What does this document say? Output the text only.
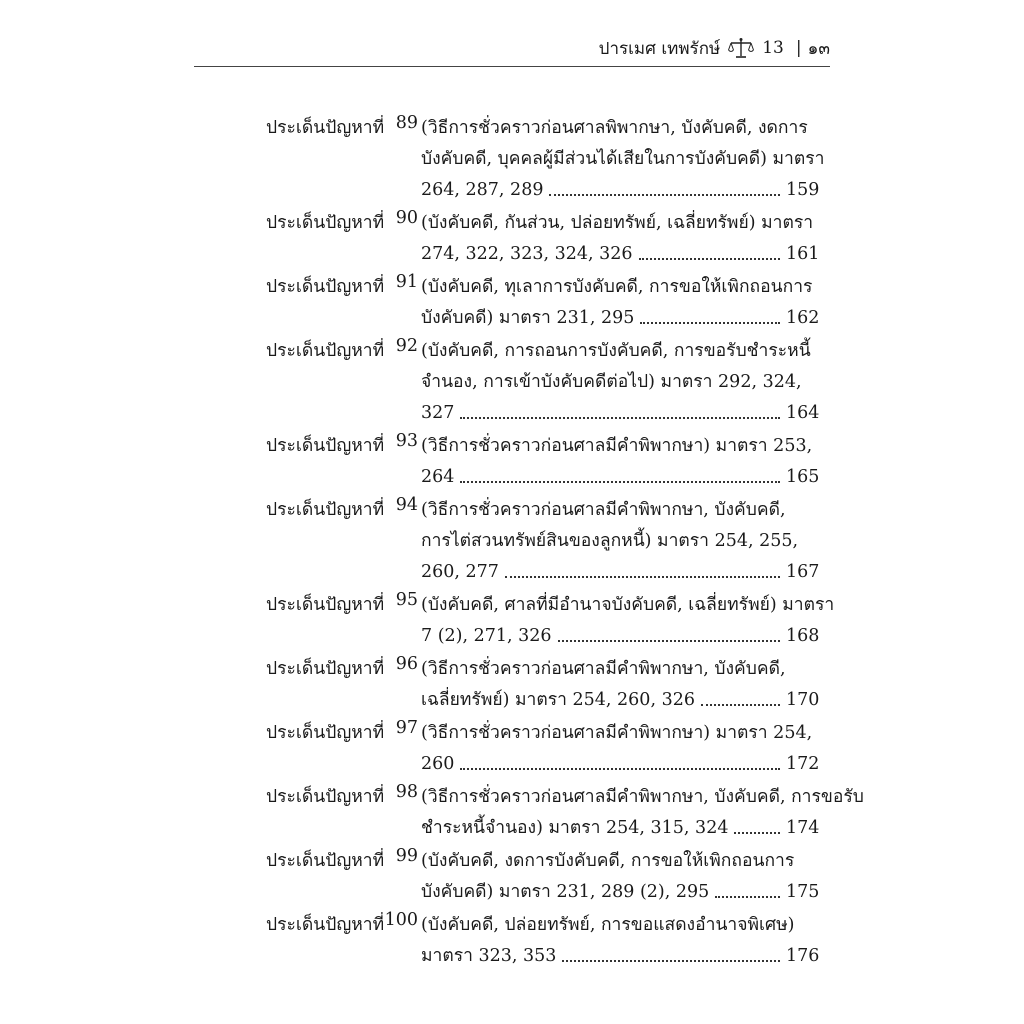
ปารเมศ เทพรักษ์ 13 | ๑๓
ประเด็นปัญหาที่ 89 (วิธีการชั่วคราวก่อนศาลพิพากษา, บังคับคดี, งดการ
บังคับคดี, บุคคลผู้มีส่วนได้เสียในการบังคับคดี) มาตรา
264, 287, 289	159
ประเด็นปัญหาที่ 90 (บังคับคดี, กันส่วน, ปล่อยทรัพย์, เฉลี่ยทรัพย์) มาตรา
274, 322, 323, 324, 326	161
ประเด็นปัญหาที่ 91 (บังคับคดี, ทุเลาการบังคับคดี, การขอให้เพิกถอนการ
บังคับคดี) มาตรา 231, 295	162
ประเด็นปัญหาที่ 92 (บังคับคดี, การถอนการบังคับคดี, การขอรับชำระหนี้
จำนอง, การเข้าบังคับคดีต่อไป) มาตรา 292, 324,
327	164
ประเด็นปัญหาที่ 93 (วิธีการชั่วคราวก่อนศาลมีคำพิพากษา) มาตรา 253,
264	165
ประเด็นปัญหาที่ 94 (วิธีการชั่วคราวก่อนศาลมีคำพิพากษา, บังคับคดี,
การไต่สวนทรัพย์สินของลูกหนี้) มาตรา 254, 255,
260, 277	167
ประเด็นปัญหาที่ 95 (บังคับคดี, ศาลที่มีอำนาจบังคับคดี, เฉลี่ยทรัพย์) มาตรา
7 (2), 271, 326	168
ประเด็นปัญหาที่ 96 (วิธีการชั่วคราวก่อนศาลมีคำพิพากษา, บังคับคดี,
เฉลี่ยทรัพย์) มาตรา 254, 260, 326	170
ประเด็นปัญหาที่ 97 (วิธีการชั่วคราวก่อนศาลมีคำพิพากษา) มาตรา 254,
260	172
ประเด็นปัญหาที่ 98 (วิธีการชั่วคราวก่อนศาลมีคำพิพากษา, บังคับคดี, การขอรับ
ชำระหนี้จำนอง) มาตรา 254, 315, 324	174
ประเด็นปัญหาที่ 99 (บังคับคดี, งดการบังคับคดี, การขอให้เพิกถอนการ
บังคับคดี) มาตรา 231, 289 (2), 295	175
ประเด็นปัญหาที่ 100 (บังคับคดี, ปล่อยทรัพย์, การขอแสดงอำนาจพิเศษ)
มาตรา 323, 353	176
